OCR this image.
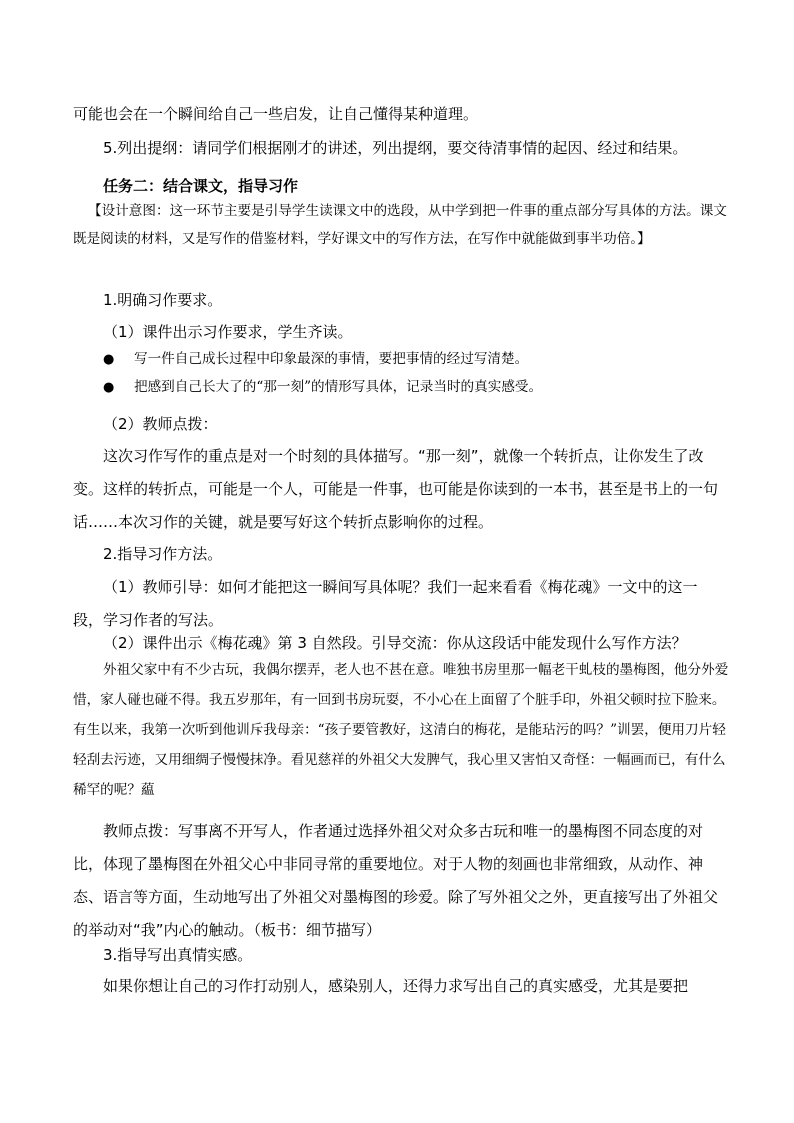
可能也会在一个瞬间给自己一些启发，让自己懂得某种道理。
5.列出提纲：请同学们根据刚才的讲述，列出提纲，要交待清事情的起因、经过和结果。
任务二：结合课文，指导习作

【设计意图：这一环节主要是引导学生读课文中的选段，从中学到把一件事的重点部分写具体的方法。课文既是阅读的材料，又是写作的借鉴材料，学好课文中的写作方法，在写作中就能做到事半功倍。】

1.明确习作要求。
（1）课件出示习作要求，学生齐读。
● 写一件自己成长过程中印象最深的事情，要把事情的经过写清楚。
● 把感到自己长大了的“那一刻”的情形写具体，记录当时的真实感受。
（2）教师点拨：

这次习作写作的重点是对一个时刻的具体描写。“那一刻”，就像一个转折点，让你发生了改变。这样的转折点，可能是一个人，可能是一件事，也可能是你读到的一本书，甚至是书上的一句话……本次习作的关键，就是要写好这个转折点影响你的过程。

2.指导习作方法。

（1）教师引导：如何才能把这一瞬间写具体呢？我们一起来看看《梅花魂》一文中的这一段，学习作者的写法。

（2）课件出示《梅花魂》第 3 自然段。引导交流：你从这段话中能发现什么写作方法？

外祖父家中有不少古玩，我偶尔摆弄，老人也不甚在意。唯独书房里那一幅老干虬枝的墨梅图，他分外爱惜，家人碰也碰不得。我五岁那年，有一回到书房玩耍，不小心在上面留了个脏手印，外祖父顿时拉下脸来。有生以来，我第一次听到他训斥我母亲：“孩子要管教好，这清白的梅花，是能玷污的吗？”训罢，便用刀片轻轻刮去污迹，又用细绸子慢慢抹净。看见慈祥的外祖父大发脾气，我心里又害怕又奇怪：一幅画而已，有什么稀罕的呢？藴

教师点拨：写事离不开写人，作者通过选择外祖父对众多古玩和唯一的墨梅图不同态度的对比，体现了墨梅图在外祖父心中非同寻常的重要地位。对于人物的刻画也非常细致，从动作、神态、语言等方面，生动地写出了外祖父对墨梅图的珍爱。除了写外祖父之外，更直接写出了外祖父的举动对“我”内心的触动。（板书：细节描写）

3.指导写出真情实感。

如果你想让自己的习作打动别人，感染别人，还得力求写出自己的真实感受，尤其是要把
